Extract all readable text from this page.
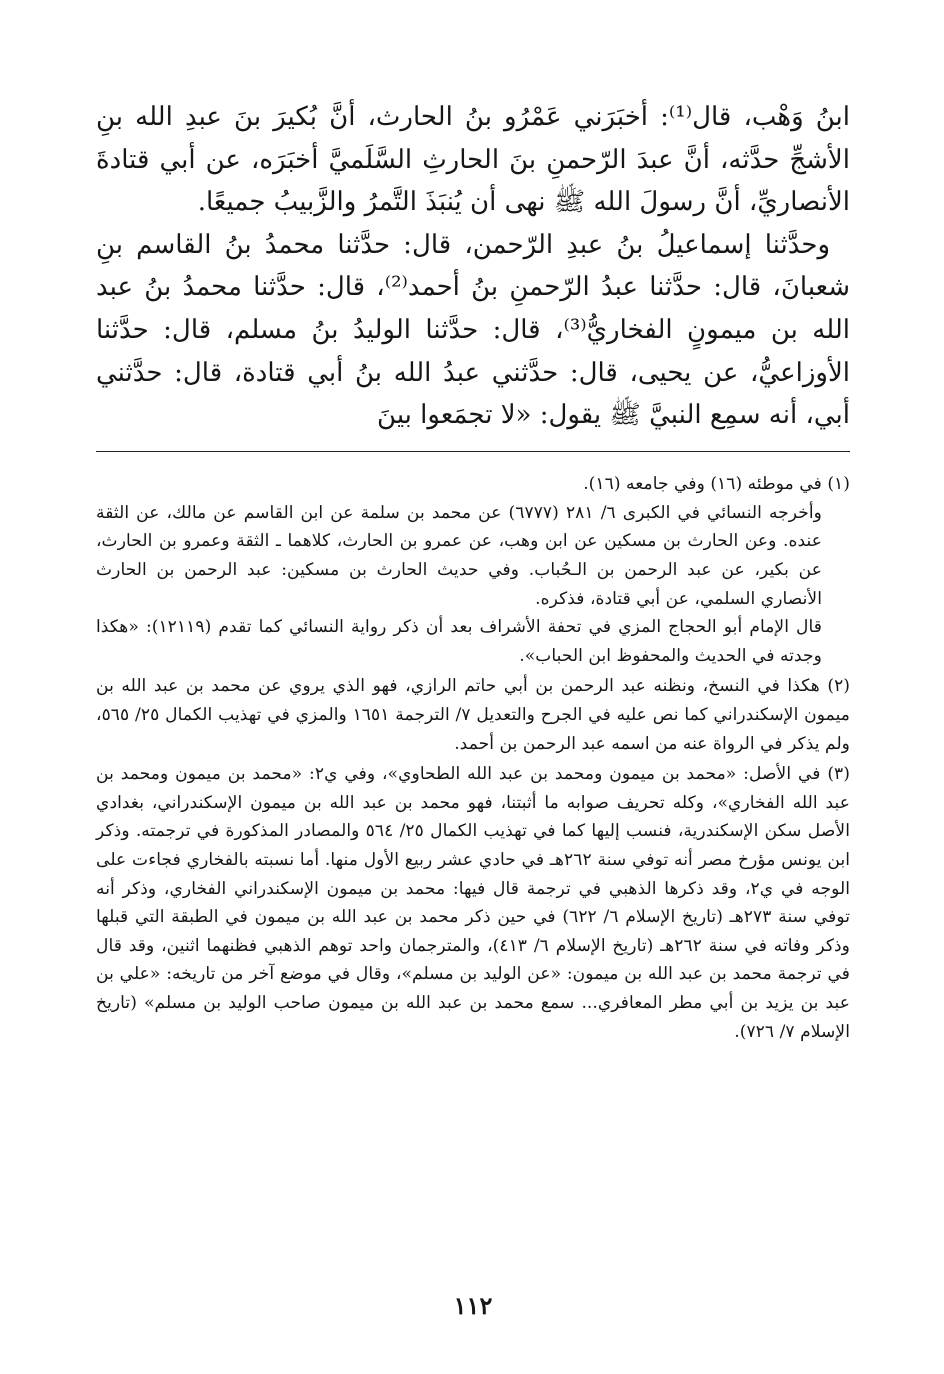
ابنُ وَهْب، قال⁽¹⁾: أخبَرَني عَمْرُو بنُ الحارث، أنَّ بُكيرَ بنَ عبدِ الله بنِ الأشجِّ حدَّثه، أنَّ عبدَ الرّحمنِ بنَ الحارثِ السَّلَميَّ أخبَرَه، عن أبي قتادةَ الأنصاريِّ، أنَّ رسولَ الله ﷺ نهى أن يُنبَذَ التَّمرُ والزَّبيبُ جميعًا.

وحدَّثنا إسماعيلُ بنُ عبدِ الرّحمن، قال: حدَّثنا محمدُ بنُ القاسم بنِ شعبانَ، قال: حدَّثنا عبدُ الرّحمنِ بنُ أحمد⁽²⁾، قال: حدَّثنا محمدُ بنُ عبد الله بن ميمونٍ الفخاريُّ⁽³⁾، قال: حدَّثنا الوليدُ بنُ مسلم، قال: حدَّثنا الأوزاعيُّ، عن يحيى، قال: حدَّثني عبدُ الله بنُ أبي قتادة، قال: حدَّثني أبي، أنه سمِع النبيَّ ﷺ يقول: «لا تجمَعوا بينَ

(١) في موطئه (١٦) وفي جامعه (١٦).

وأخرجه النسائي في الكبرى ٦/ ٢٨١ (٦٧٧٧) عن محمد بن سلمة عن ابن القاسم عن مالك، عن الثقة عنده. وعن الحارث بن مسكين عن ابن وهب، عن عمرو بن الحارث، كلاهما ـ الثقة وعمرو بن الحارث، عن بكير، عن عبد الرحمن بن الـحُباب. وفي حديث الحارث بن مسكين: عبد الرحمن بن الحارث الأنصاري السلمي، عن أبي قتادة، فذكره.

قال الإمام أبو الحجاج المزي في تحفة الأشراف بعد أن ذكر رواية النسائي كما تقدم (١٢١١٩): «هكذا وجدته في الحديث والمحفوظ ابن الحباب».

(٢) هكذا في النسخ، ونظنه عبد الرحمن بن أبي حاتم الرازي، فهو الذي يروي عن محمد بن عبد الله بن ميمون الإسكندراني كما نص عليه في الجرح والتعديل ٧/ الترجمة ١٦٥١ والمزي في تهذيب الكمال ٢٥/ ٥٦٥، ولم يذكر في الرواة عنه من اسمه عبد الرحمن بن أحمد.

(٣) في الأصل: «محمد بن ميمون ومحمد بن عبد الله الطحاوي»، وفي ي٢: «محمد بن ميمون ومحمد بن عبد الله الفخاري»، وكله تحريف صوابه ما أثبتنا، فهو محمد بن عبد الله بن ميمون الإسكندراني، بغدادي الأصل سكن الإسكندرية، فنسب إليها كما في تهذيب الكمال ٢٥/ ٥٦٤ والمصادر المذكورة في ترجمته. وذكر ابن يونس مؤرخ مصر أنه توفي سنة ٢٦٢هـ في حادي عشر ربيع الأول منها. أما نسبته بالفخاري فجاءت على الوجه في ي٢، وقد ذكرها الذهبي في ترجمة قال فيها: محمد بن ميمون الإسكندراني الفخاري، وذكر أنه توفي سنة ٢٧٣هـ (تاريخ الإسلام ٦/ ٦٢٢) في حين ذكر محمد بن عبد الله بن ميمون في الطبقة التي قبلها وذكر وفاته في سنة ٢٦٢هـ (تاريخ الإسلام ٦/ ٤١٣)، والمترجمان واحد توهم الذهبي فظنهما اثنين، وقد قال في ترجمة محمد بن عبد الله بن ميمون: «عن الوليد بن مسلم»، وقال في موضع آخر من تاريخه: «علي بن عبد بن يزيد بن أبي مطر المعافري... سمع محمد بن عبد الله بن ميمون صاحب الوليد بن مسلم» (تاريخ الإسلام ٧/ ٧٢٦).

١١٢
